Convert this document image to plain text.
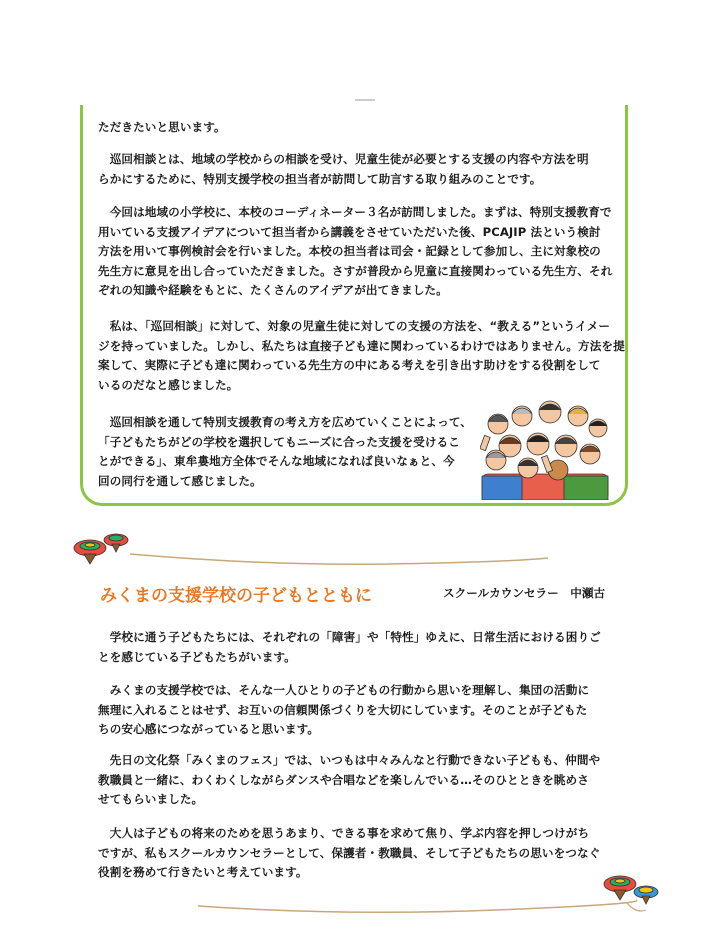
ただきたいと思います。
　巡回相談とは、地域の学校からの相談を受け、児童生徒が必要とする支援の内容や方法を明
らかにするために、特別支援学校の担当者が訪問して助言する取り組みのことです。
　今回は地域の小学校に、本校のコーディネーター３名が訪問しました。まずは、特別支援教育で
用いている支援アイデアについて担当者から講義をさせていただいた後、PCAJIP 法という検討
方法を用いて事例検討会を行いました。本校の担当者は司会・記録として参加し、主に対象校の
先生方に意見を出し合っていただきました。さすが普段から児童に直接関わっている先生方、それ
ぞれの知識や経験をもとに、たくさんのアイデアが出てきました。
　私は、「巡回相談」に対して、対象の児童生徒に対しての支援の方法を、“教える”というイメー
ジを持っていました。しかし、私たちは直接子ども達に関わっているわけではありません。方法を提
案して、実際に子ども達に関わっている先生方の中にある考えを引き出す助けをする役割をして
いるのだなと感じました。
　巡回相談を通して特別支援教育の考え方を広めていくことによって、
「子どもたちがどの学校を選択してもニーズに合った支援を受けるこ
とができる」、東牟婁地方全体でそんな地域になれば良いなぁと、今
回の同行を通して感じました。
みくまの支援学校の子どもとともに	スクールカウンセラー　中瀬古
　学校に通う子どもたちには、それぞれの「障害」や「特性」ゆえに、日常生活における困りご
とを感じている子どもたちがいます。
　みくまの支援学校では、そんな一人ひとりの子どもの行動から思いを理解し、集団の活動に
無理に入れることはせず、お互いの信頼関係づくりを大切にしています。そのことが子どもた
ちの安心感につながっていると思います。
　先日の文化祭「みくまのフェス」では、いつもは中々みんなと行動できない子どもも、仲間や
教職員と一緒に、わくわくしながらダンスや合唱などを楽しんでいる…そのひとときを眺めさ
せてもらいました。
　大人は子どもの将来のためを思うあまり、できる事を求めて焦り、学ぶ内容を押しつけがち
ですが、私もスクールカウンセラーとして、保護者・教職員、そして子どもたちの思いをつなぐ
役割を務めて行きたいと考えています。
